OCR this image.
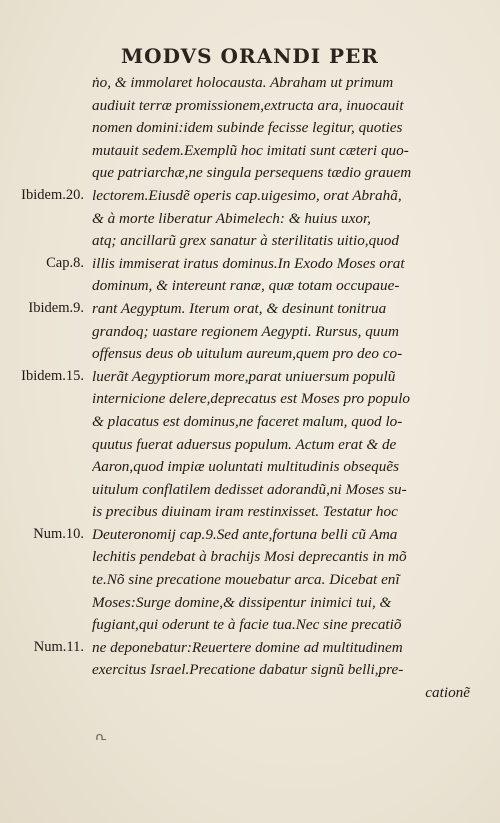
MODVS ORANDI PER
ṅo, & immolaret holocausta. Abraham ut primum
audiuit terræ promissionem,extructa ara, inuocauit
nomen domini:idem subinde fecisse legitur, quoties
mutauit sedem.Exemplũ hoc imitati sunt cæteri quo-
que patriarchæ,ne singula persequens tædio grauem
lectorem.Eiusdẽ operis cap.uigesimo, orat Abrahã,
& à morte liberatur Abimelech: & huius uxor,
atq; ancillarũ grex sanatur à sterilitatis uitio,quod
illis immiserat iratus dominus.In Exodo Moses orat
dominum, & intereunt ranæ, quæ totam occupaue-
rant Aegyptum. Iterum orat, & desinunt tonitrua
grandoq; uastare regionem Aegypti. Rursus, quum
offensus deus ob uitulum aureum,quem pro deo co-
luerãt Aegyptiorum more,parat uniuersum populũ
internicione delere,deprecatus est Moses pro populo
& placatus est dominus,ne faceret malum, quod lo-
quutus fuerat aduersus populum. Actum erat & de
Aaron,quod impiæ uoluntati multitudinis obsequẽs
uitulum conflatilem dedisset adorandũ,ni Moses su-
is precibus diuinam iram restinxisset. Testatur hoc
Deuteronomij cap.9.Sed ante,fortuna belli cũ Ama
lechitis pendebat à brachijs Mosi deprecantis in mõ
te.Nõ sine precatione mouebatur arca. Dicebat enĩ
Moses:Surge domine,& dissipentur inimici tui, &
fugiant,qui oderunt te à facie tua.Nec sine precatiõ
ne deponebatur:Reuertere domine ad multitudinem
exercitus Israel.Precatione dabatur signũ belli,pre-
cationẽ
Ibidem.20.
Cap.8.
Ibidem.9.
Ibidem.15.
Num.10.
Num.11.
ᕆ
